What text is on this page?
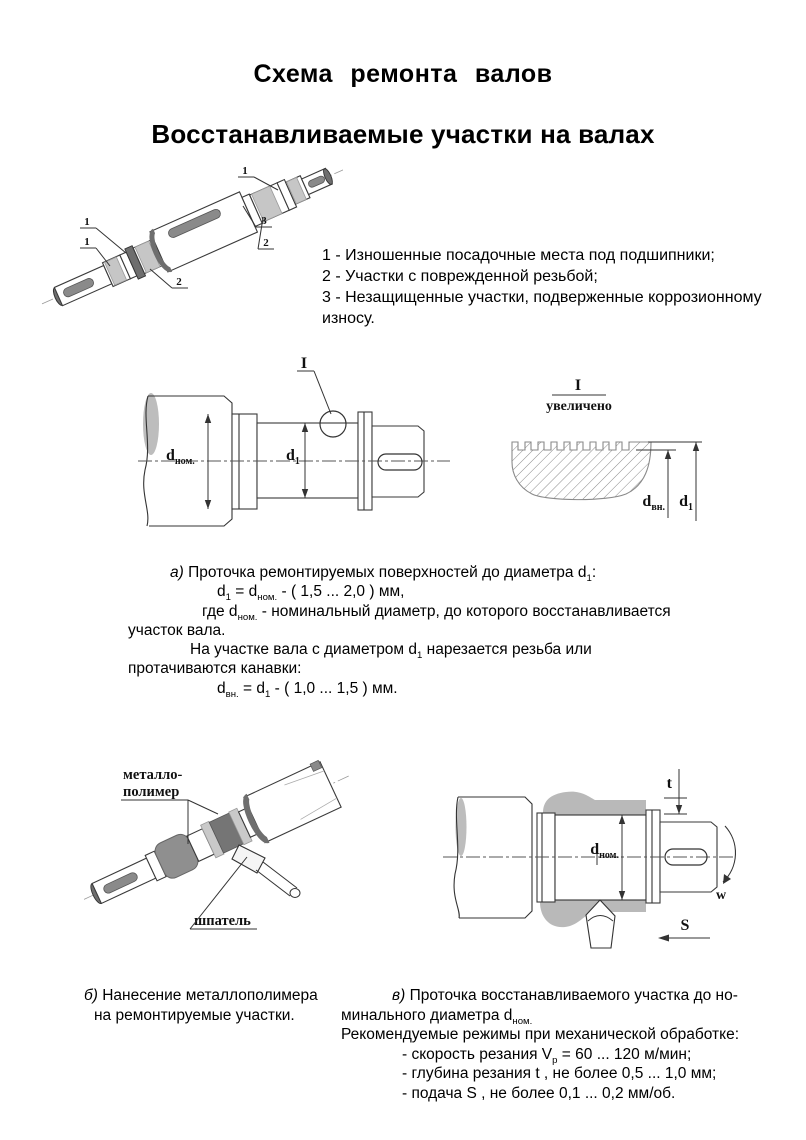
Схема ремонта валов
Восстанавливаемые участки на валах
1
1
2
1
3
2
1 - Изношенные посадочные места под подшипники;
2 - Участки с поврежденной резьбой;
3 - Незащищенные участки, подверженные коррозионному износу.
$d_{ном.}$	$d_1$
I
I
увеличено
$d_{вн.}$ $d_1$
а) Проточка ремонтируемых поверхностей до диаметра $d_1$:
$d_1 = d_{ном.}$ - ( 1,5 ... 2,0 ) мм,
где $d_{ном.}$ - номинальный диаметр, до которого восстанавливается
участок вала.
На участке вала с диаметром $d_1$ нарезается резьба или
протачиваются канавки:
$d_{вн.} = d_1$ - ( 1,0 ... 1,5 ) мм.
металло-
полимер
шпатель
$d_{ном.}$
t
w
S
б) Нанесение металлополимера
на ремонтируемые участки.
в) Проточка восстанавливаемого участка до но-
минального диаметра $d_{ном.}$
Рекомендуемые режимы при механической обработке:
- скорость резания $V_р = 60$ ... 120 м/мин;
- глубина резания t , не более 0,5 ... 1,0 мм;
- подача S , не более 0,1 ... 0,2 мм/об.
